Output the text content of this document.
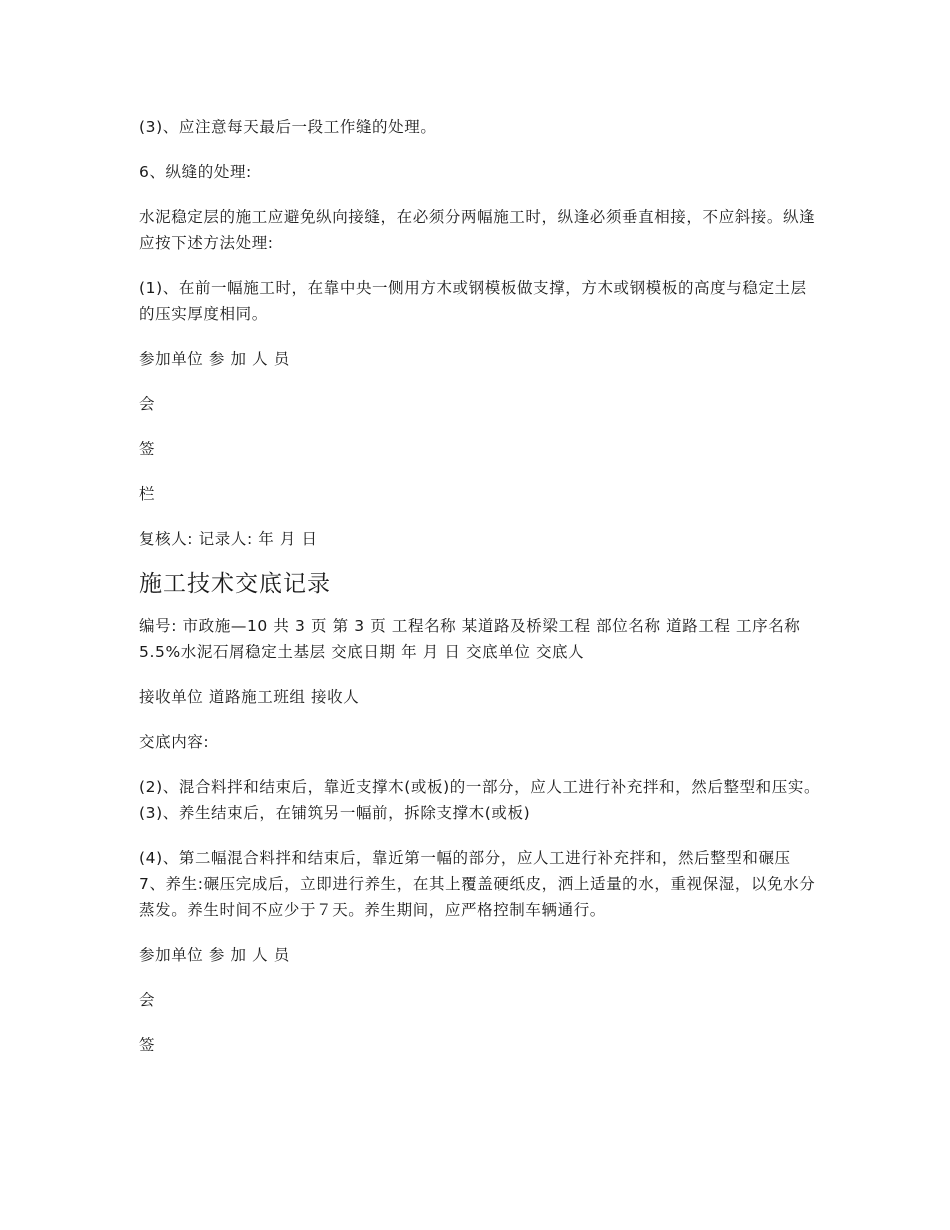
(3)、应注意每天最后一段工作缝的处理。

6、纵缝的处理:

水泥稳定层的施工应避免纵向接缝，在必须分两幅施工时，纵逢必须垂直相接，不应斜接。纵逢应按下述方法处理:

(1)、在前一幅施工时，在靠中央一侧用方木或钢模板做支撑，方木或钢模板的高度与稳定土层的压实厚度相同。

参加单位 参 加 人 员

会

签

栏

复核人: 记录人: 年 月 日

施工技术交底记录

编号: 市政施—10 共 3 页 第 3 页 工程名称 某道路及桥梁工程 部位名称 道路工程 工序名称 5.5%水泥石屑稳定土基层 交底日期 年 月 日 交底单位 交底人

接收单位 道路施工班组 接收人

交底内容:

(2)、混合料拌和结束后，靠近支撑木(或板)的一部分，应人工进行补充拌和，然后整型和压实。 (3)、养生结束后，在铺筑另一幅前，拆除支撑木(或板)

(4)、第二幅混合料拌和结束后，靠近第一幅的部分，应人工进行补充拌和，然后整型和碾压 7、养生:碾压完成后，立即进行养生，在其上覆盖硬纸皮，洒上适量的水，重视保湿，以免水分蒸发。养生时间不应少于７天。养生期间，应严格控制车辆通行。

参加单位 参 加 人 员

会

签
